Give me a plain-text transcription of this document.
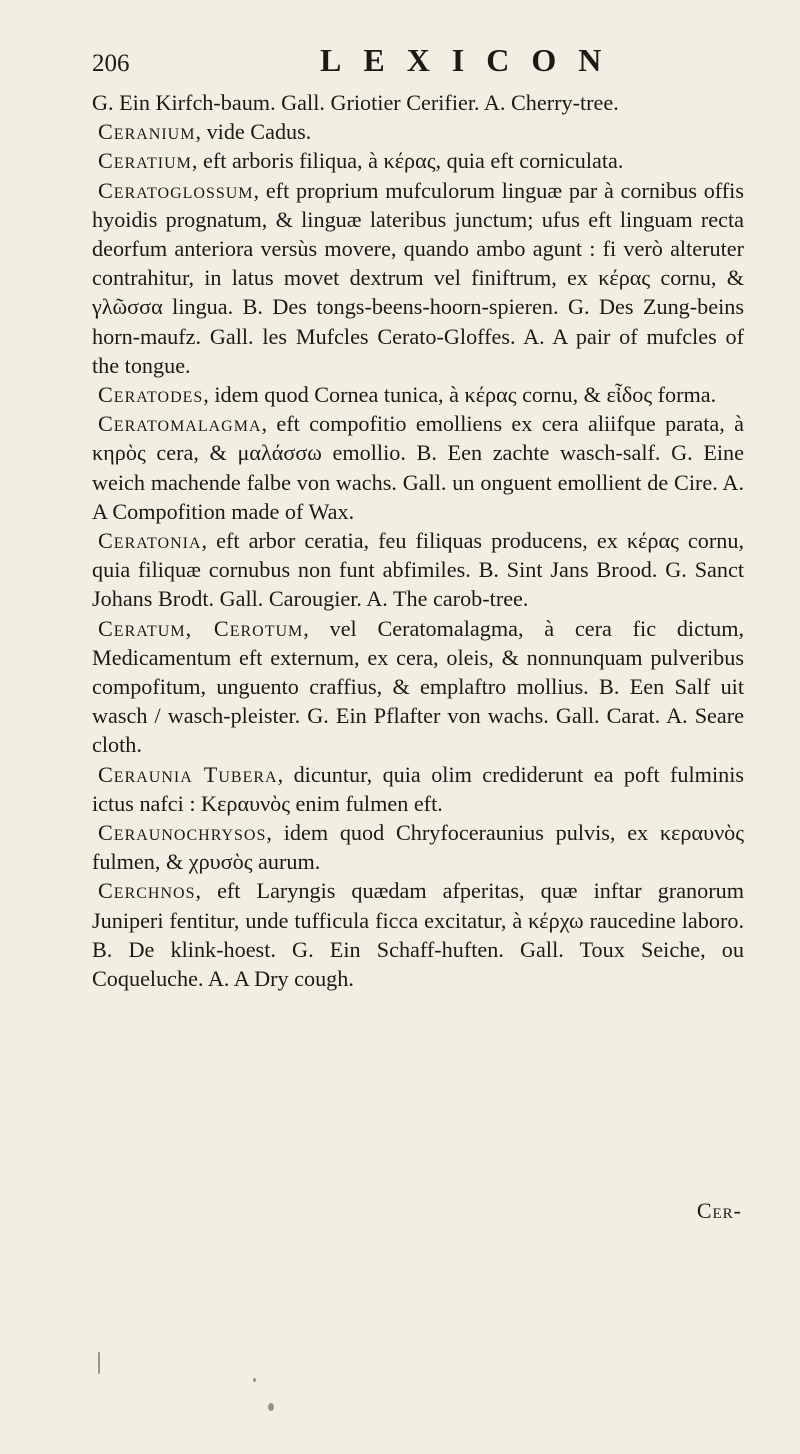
206	LEXICON

G. Ein Kirfch-baum. Gall. Griotier Cerifier. A. Cherry-tree.

Ceranium, vide Cadus.

Ceratium, eft arboris filiqua, à κέρας, quia eft corniculata.

Ceratoglossum, eft proprium mufculorum linguæ par à cornibus offis hyoidis prognatum, & linguæ lateribus junctum; ufus eft linguam recta deorfum anteriora versùs movere, quando ambo agunt : fi verò alteruter contrahitur, in latus movet dextrum vel finiftrum, ex κέρας cornu, & γλῶσσα lingua. B. Des tongs-beens-hoorn-spieren. G. Des Zung-beins horn-maufz. Gall. les Mufcles Cerato-Gloffes. A. A pair of mufcles of the tongue.

Ceratodes, idem quod Cornea tunica, à κέρας cornu, & εἶδος forma.

Ceratomalagma, eft compofitio emolliens ex cera aliifque parata, à κηρὸς cera, & μαλάσσω emollio. B. Een zachte wasch-salf. G. Eine weich machende falbe von wachs. Gall. un onguent emollient de Cire. A. A Compofition made of Wax.

Ceratonia, eft arbor ceratia, feu filiquas producens, ex κέρας cornu, quia filiquæ cornubus non funt abfimiles. B. Sint Jans Brood. G. Sanct Johans Brodt. Gall. Carougier. A. The carob-tree.

Ceratum, Cerotum, vel Ceratomalagma, à cera fic dictum, Medicamentum eft externum, ex cera, oleis, & nonnunquam pulveribus compofitum, unguento craffius, & emplaftro mollius. B. Een Salf uit wasch / wasch-pleister. G. Ein Pflafter von wachs. Gall. Carat. A. Seare cloth.

Ceraunia Tubera, dicuntur, quia olim crediderunt ea poft fulminis ictus nafci : Κεραυνὸς enim fulmen eft.

Ceraunochrysos, idem quod Chryfoceraunius pulvis, ex κεραυνὸς fulmen, & χρυσὸς aurum.

Cerchnos, eft Laryngis quædam afperitas, quæ inftar granorum Juniperi fentitur, unde tufficula ficca excitatur, à κέρχω raucedine laboro. B. De klink-hoest. G. Ein Schaff-huften. Gall. Toux Seiche, ou Coqueluche. A. A Dry cough.

Cer-
